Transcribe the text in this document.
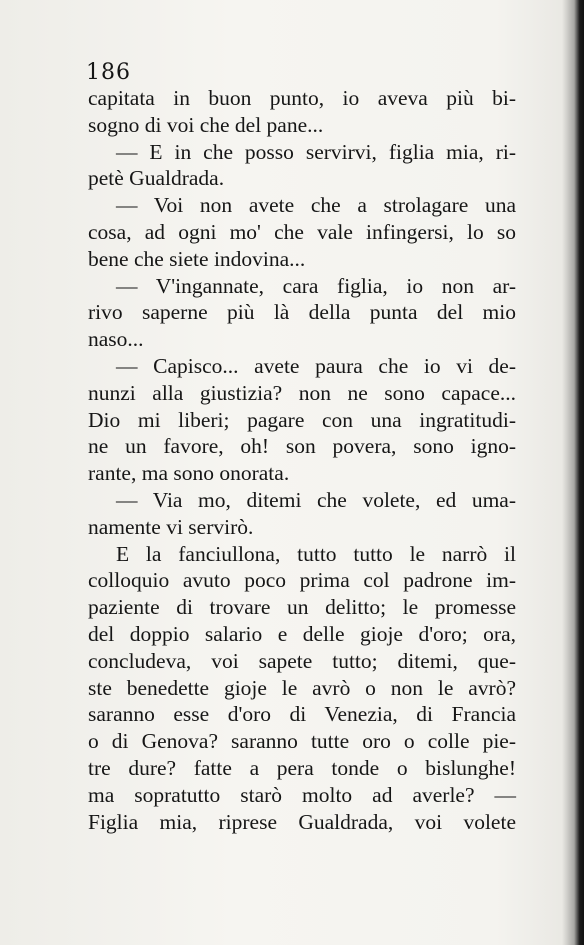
186
capitata in buon punto, io aveva più bi-
sogno di voi che del pane...
— E in che posso servirvi, figlia mia, ri-
petè Gualdrada.
— Voi non avete che a strolagare una
cosa, ad ogni mo' che vale infingersi, lo so
bene che siete indovina...
— V'ingannate, cara figlia, io non ar-
rivo saperne più là della punta del mio
naso...
— Capisco... avete paura che io vi de-
nunzi alla giustizia? non ne sono capace...
Dio mi liberi; pagare con una ingratitudi-
ne un favore, oh! son povera, sono igno-
rante, ma sono onorata.
— Via mo, ditemi che volete, ed uma-
namente vi servirò.
E la fanciullona, tutto tutto le narrò il
colloquio avuto poco prima col padrone im-
paziente di trovare un delitto; le promesse
del doppio salario e delle gioje d'oro; ora,
concludeva, voi sapete tutto; ditemi, que-
ste benedette gioje le avrò o non le avrò?
saranno esse d'oro di Venezia, di Francia
o di Genova? saranno tutte oro o colle pie-
tre dure? fatte a pera tonde o bislunghe!
ma sopratutto starò molto ad averle? —
Figlia mia, riprese Gualdrada, voi volete
